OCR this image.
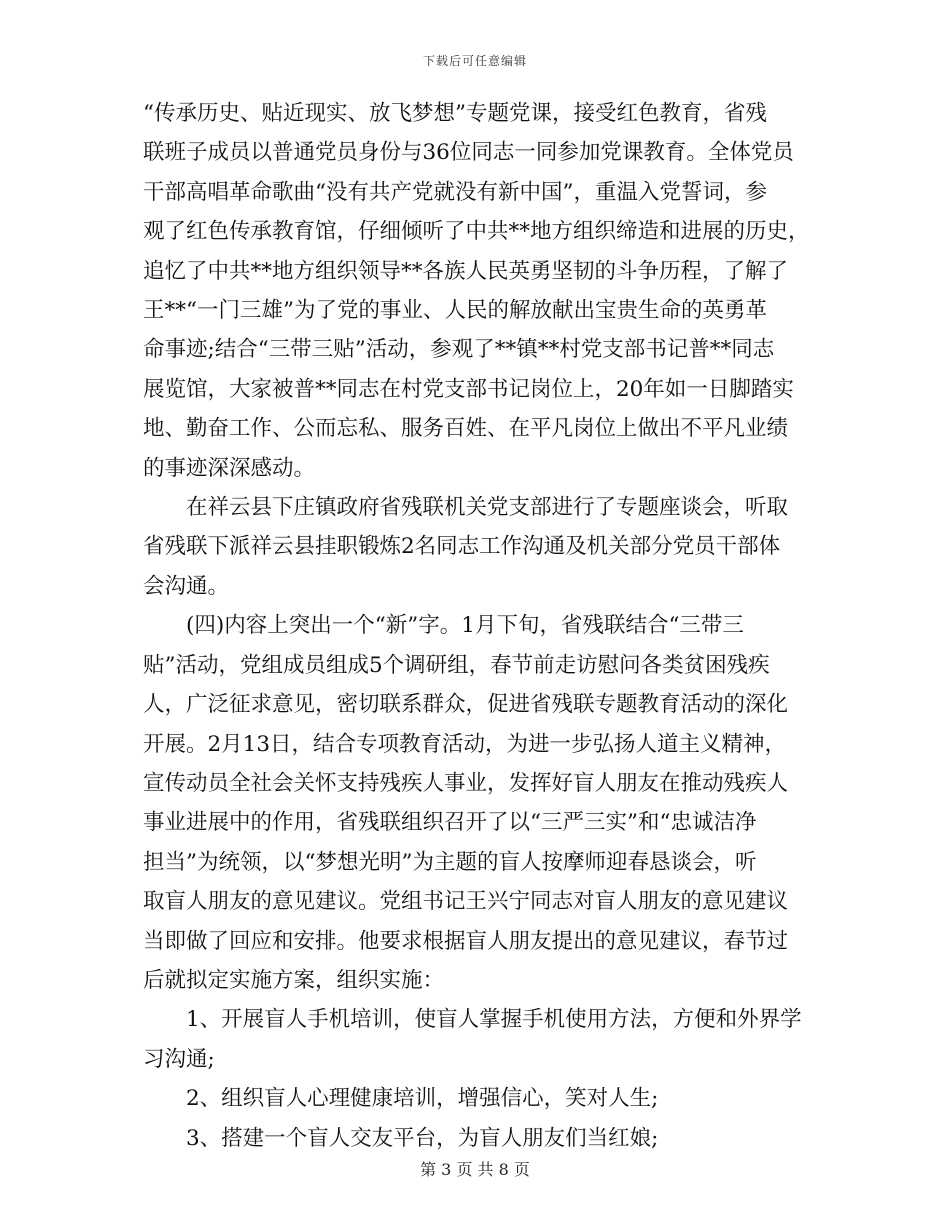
下载后可任意编辑
“传承历史、贴近现实、放飞梦想”专题党课，接受红色教育，省残
联班子成员以普通党员身份与36位同志一同参加党课教育。全体党员
干部高唱革命歌曲“没有共产党就没有新中国”，重温入党誓词，参
观了红色传承教育馆，仔细倾听了中共**地方组织缔造和进展的历史，
追忆了中共**地方组织领导**各族人民英勇坚韧的斗争历程，了解了
王**“一门三雄”为了党的事业、人民的解放献出宝贵生命的英勇革
命事迹;结合“三带三贴”活动，参观了**镇**村党支部书记普**同志
展览馆，大家被普**同志在村党支部书记岗位上，20年如一日脚踏实
地、勤奋工作、公而忘私、服务百姓、在平凡岗位上做出不平凡业绩
的事迹深深感动。
　　在祥云县下庄镇政府省残联机关党支部进行了专题座谈会，听取
省残联下派祥云县挂职锻炼2名同志工作沟通及机关部分党员干部体
会沟通。
　　(四)内容上突出一个“新”字。1月下旬，省残联结合“三带三
贴”活动，党组成员组成5个调研组，春节前走访慰问各类贫困残疾
人，广泛征求意见，密切联系群众，促进省残联专题教育活动的深化
开展。2月13日，结合专项教育活动，为进一步弘扬人道主义精神，
宣传动员全社会关怀支持残疾人事业，发挥好盲人朋友在推动残疾人
事业进展中的作用，省残联组织召开了以“三严三实”和“忠诚洁净
担当”为统领，以“梦想光明”为主题的盲人按摩师迎春恳谈会，听
取盲人朋友的意见建议。党组书记王兴宁同志对盲人朋友的意见建议
当即做了回应和安排。他要求根据盲人朋友提出的意见建议，春节过
后就拟定实施方案，组织实施：
　　1、开展盲人手机培训，使盲人掌握手机使用方法，方便和外界学
习沟通;
　　2、组织盲人心理健康培训，增强信心，笑对人生;
　　3、搭建一个盲人交友平台，为盲人朋友们当红娘;
第 3 页 共 8 页
